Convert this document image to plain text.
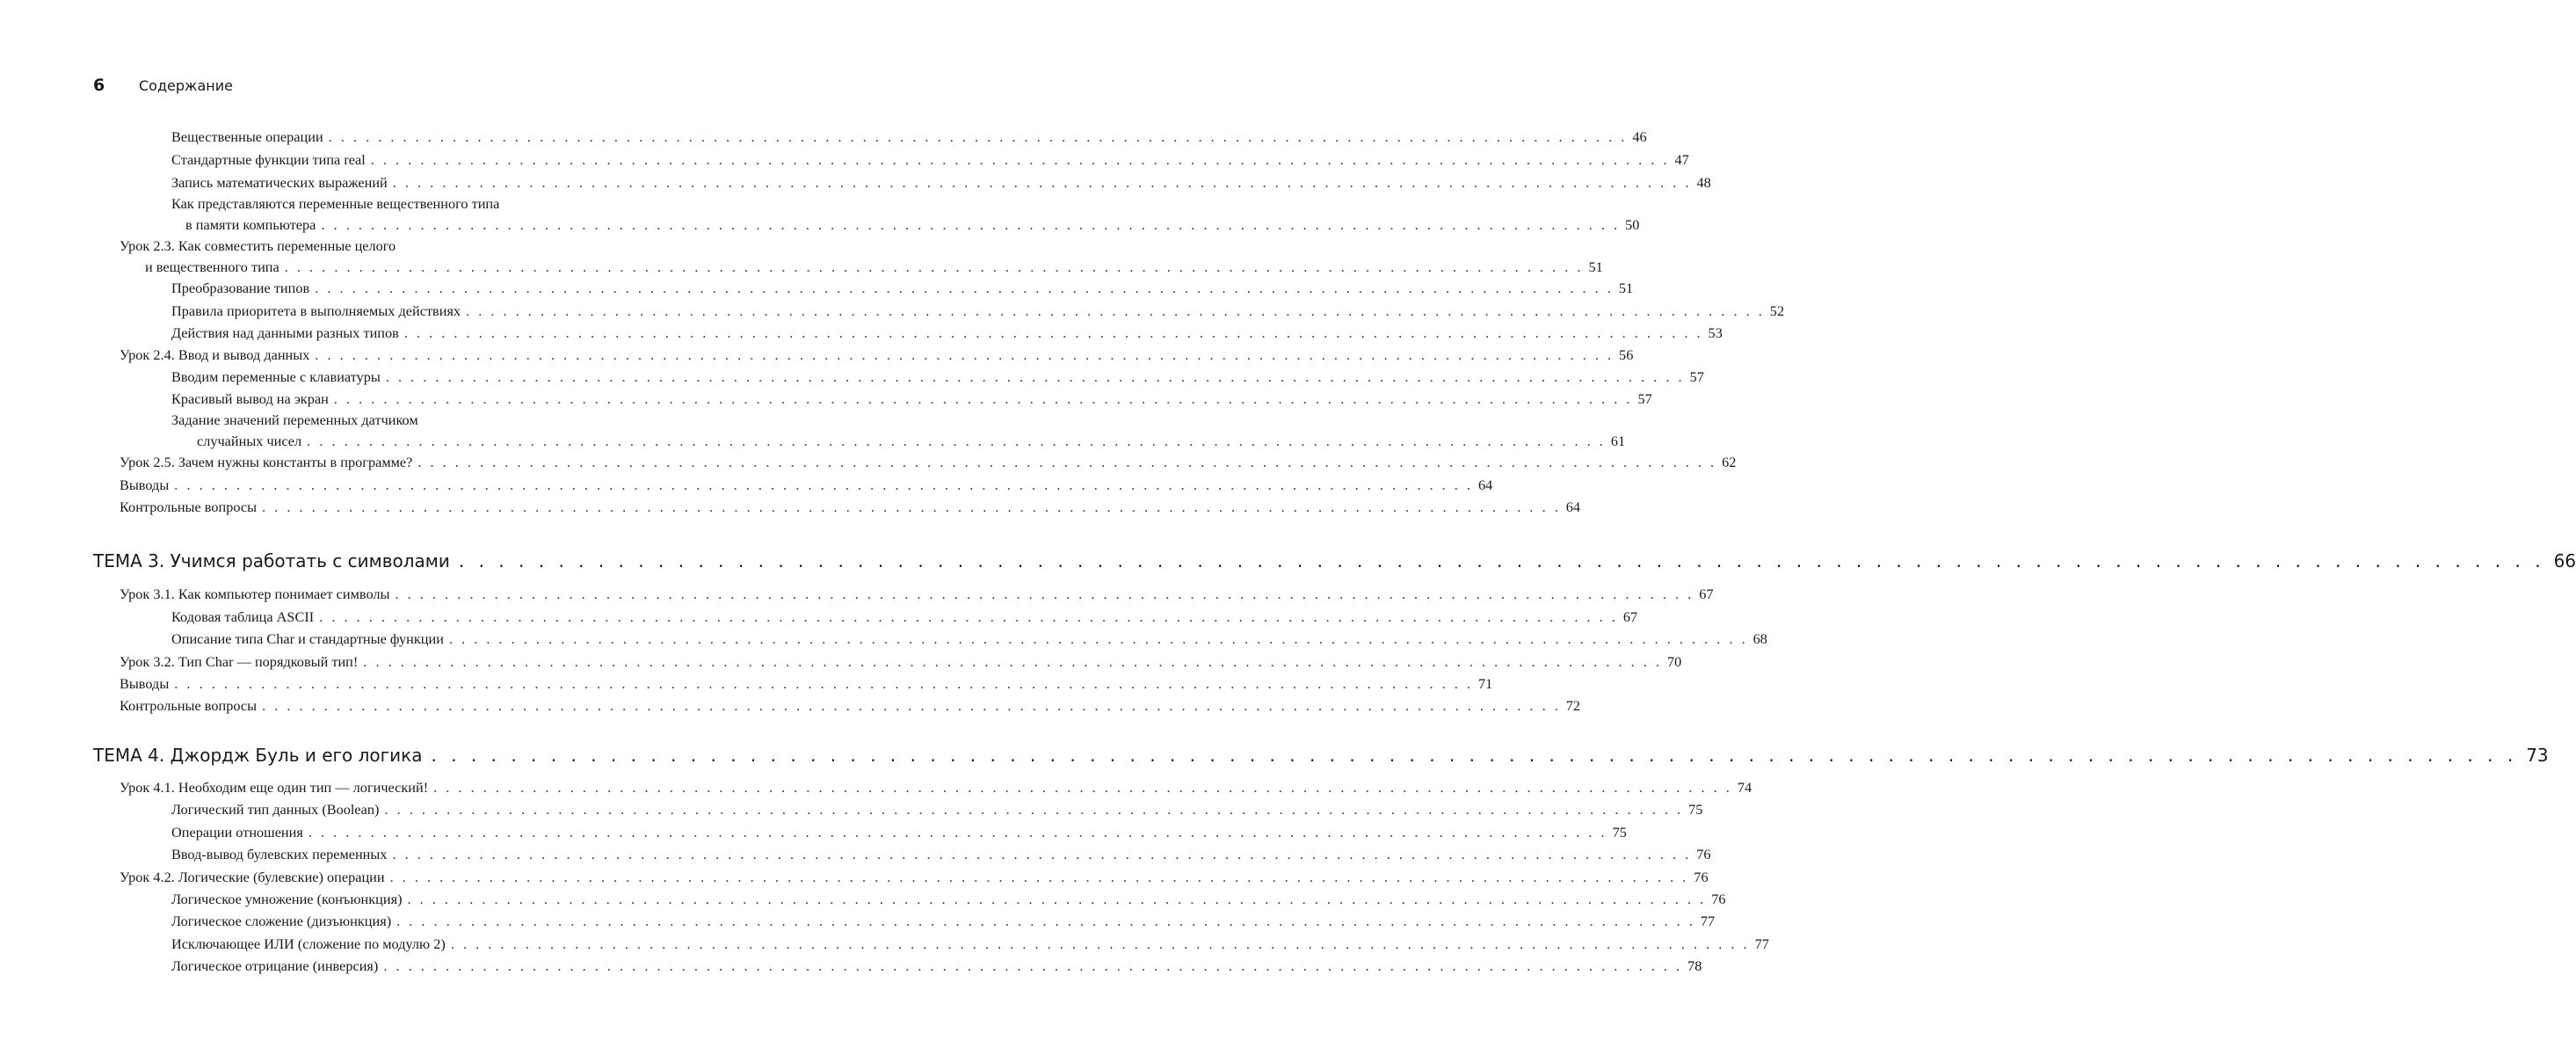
6	Содержание
Вещественные операции . . . . . . . . . . . . . . . . . . . . . . . . . . . . . . . . . . . . . . . . . . . . . . . . . . . . . . . . . . . . . . . . . . . . . . . . . . . . . . . . . . . . . . . . . . . . . . . . . . . . . . . . . 46
Стандартные функции типа real . . . . . . . . . . . . . . . . . . . . . . . . . . . . . . . . . . . . . . . . . . . . . . . . . . . . . . . . . . . . . . . . . . . . . . . . . . . . . . . . . . . . . . . . . . . . . . . . . . . . . . . . . 47
Запись математических выражений . . . . . . . . . . . . . . . . . . . . . . . . . . . . . . . . . . . . . . . . . . . . . . . . . . . . . . . . . . . . . . . . . . . . . . . . . . . . . . . . . . . . . . . . . . . . . . . . . . . . . . . . . 48
Как представляются переменные вещественного типа
в памяти компьютера . . . . . . . . . . . . . . . . . . . . . . . . . . . . . . . . . . . . . . . . . . . . . . . . . . . . . . . . . . . . . . . . . . . . . . . . . . . . . . . . . . . . . . . . . . . . . . . . . . . . . . . . . 50
Урок 2.3. Как совместить переменные целого
и вещественного типа . . . . . . . . . . . . . . . . . . . . . . . . . . . . . . . . . . . . . . . . . . . . . . . . . . . . . . . . . . . . . . . . . . . . . . . . . . . . . . . . . . . . . . . . . . . . . . . . . . . . . . . . . 51
Преобразование типов . . . . . . . . . . . . . . . . . . . . . . . . . . . . . . . . . . . . . . . . . . . . . . . . . . . . . . . . . . . . . . . . . . . . . . . . . . . . . . . . . . . . . . . . . . . . . . . . . . . . . . . . . 51
Правила приоритета в выполняемых действиях . . . . . . . . . . . . . . . . . . . . . . . . . . . . . . . . . . . . . . . . . . . . . . . . . . . . . . . . . . . . . . . . . . . . . . . . . . . . . . . . . . . . . . . . . . . . . . . . . . . . . . . . . 52
Действия над данными разных типов . . . . . . . . . . . . . . . . . . . . . . . . . . . . . . . . . . . . . . . . . . . . . . . . . . . . . . . . . . . . . . . . . . . . . . . . . . . . . . . . . . . . . . . . . . . . . . . . . . . . . . . . . 53
Урок 2.4. Ввод и вывод данных . . . . . . . . . . . . . . . . . . . . . . . . . . . . . . . . . . . . . . . . . . . . . . . . . . . . . . . . . . . . . . . . . . . . . . . . . . . . . . . . . . . . . . . . . . . . . . . . . . . . . . . . . 56
Вводим переменные с клавиатуры . . . . . . . . . . . . . . . . . . . . . . . . . . . . . . . . . . . . . . . . . . . . . . . . . . . . . . . . . . . . . . . . . . . . . . . . . . . . . . . . . . . . . . . . . . . . . . . . . . . . . . . . . 57
Красивый вывод на экран . . . . . . . . . . . . . . . . . . . . . . . . . . . . . . . . . . . . . . . . . . . . . . . . . . . . . . . . . . . . . . . . . . . . . . . . . . . . . . . . . . . . . . . . . . . . . . . . . . . . . . . . . 57
Задание значений переменных датчиком
случайных чисел . . . . . . . . . . . . . . . . . . . . . . . . . . . . . . . . . . . . . . . . . . . . . . . . . . . . . . . . . . . . . . . . . . . . . . . . . . . . . . . . . . . . . . . . . . . . . . . . . . . . . . . . . 61
Урок 2.5. Зачем нужны константы в программе? . . . . . . . . . . . . . . . . . . . . . . . . . . . . . . . . . . . . . . . . . . . . . . . . . . . . . . . . . . . . . . . . . . . . . . . . . . . . . . . . . . . . . . . . . . . . . . . . . . . . . . . . . 62
Выводы . . . . . . . . . . . . . . . . . . . . . . . . . . . . . . . . . . . . . . . . . . . . . . . . . . . . . . . . . . . . . . . . . . . . . . . . . . . . . . . . . . . . . . . . . . . . . . . . . . . . . . . . . 64
Контрольные вопросы . . . . . . . . . . . . . . . . . . . . . . . . . . . . . . . . . . . . . . . . . . . . . . . . . . . . . . . . . . . . . . . . . . . . . . . . . . . . . . . . . . . . . . . . . . . . . . . . . . . . . . . . . 64
ТЕМА 3. Учимся работать с символами . . . . . . . . . . . . . . . . . . . . . . . . . . . . . . . . . . . . . . . . . . . . . . . . . . . . . . . . . . . . . . . . . . . . . . . . . . . . . . . . . . . . . . . . . . . . . . . . . . . . . . . . . 66
Урок 3.1. Как компьютер понимает символы . . . . . . . . . . . . . . . . . . . . . . . . . . . . . . . . . . . . . . . . . . . . . . . . . . . . . . . . . . . . . . . . . . . . . . . . . . . . . . . . . . . . . . . . . . . . . . . . . . . . . . . . . 67
Кодовая таблица ASCII . . . . . . . . . . . . . . . . . . . . . . . . . . . . . . . . . . . . . . . . . . . . . . . . . . . . . . . . . . . . . . . . . . . . . . . . . . . . . . . . . . . . . . . . . . . . . . . . . . . . . . . . . 67
Описание типа Char и стандартные функции . . . . . . . . . . . . . . . . . . . . . . . . . . . . . . . . . . . . . . . . . . . . . . . . . . . . . . . . . . . . . . . . . . . . . . . . . . . . . . . . . . . . . . . . . . . . . . . . . . . . . . . . . 68
Урок 3.2. Тип Char — порядковый тип! . . . . . . . . . . . . . . . . . . . . . . . . . . . . . . . . . . . . . . . . . . . . . . . . . . . . . . . . . . . . . . . . . . . . . . . . . . . . . . . . . . . . . . . . . . . . . . . . . . . . . . . . . 70
Выводы . . . . . . . . . . . . . . . . . . . . . . . . . . . . . . . . . . . . . . . . . . . . . . . . . . . . . . . . . . . . . . . . . . . . . . . . . . . . . . . . . . . . . . . . . . . . . . . . . . . . . . . . . 71
Контрольные вопросы . . . . . . . . . . . . . . . . . . . . . . . . . . . . . . . . . . . . . . . . . . . . . . . . . . . . . . . . . . . . . . . . . . . . . . . . . . . . . . . . . . . . . . . . . . . . . . . . . . . . . . . . . 72
ТЕМА 4. Джордж Буль и его логика . . . . . . . . . . . . . . . . . . . . . . . . . . . . . . . . . . . . . . . . . . . . . . . . . . . . . . . . . . . . . . . . . . . . . . . . . . . . . . . . . . . . . . . . . . . . . . . . . . . . . . . . . 73
Урок 4.1. Необходим еще один тип — логический! . . . . . . . . . . . . . . . . . . . . . . . . . . . . . . . . . . . . . . . . . . . . . . . . . . . . . . . . . . . . . . . . . . . . . . . . . . . . . . . . . . . . . . . . . . . . . . . . . . . . . . . . . 74
Логический тип данных (Boolean) . . . . . . . . . . . . . . . . . . . . . . . . . . . . . . . . . . . . . . . . . . . . . . . . . . . . . . . . . . . . . . . . . . . . . . . . . . . . . . . . . . . . . . . . . . . . . . . . . . . . . . . . . 75
Операции отношения . . . . . . . . . . . . . . . . . . . . . . . . . . . . . . . . . . . . . . . . . . . . . . . . . . . . . . . . . . . . . . . . . . . . . . . . . . . . . . . . . . . . . . . . . . . . . . . . . . . . . . . . . 75
Ввод-вывод булевских переменных . . . . . . . . . . . . . . . . . . . . . . . . . . . . . . . . . . . . . . . . . . . . . . . . . . . . . . . . . . . . . . . . . . . . . . . . . . . . . . . . . . . . . . . . . . . . . . . . . . . . . . . . . 76
Урок 4.2. Логические (булевские) операции . . . . . . . . . . . . . . . . . . . . . . . . . . . . . . . . . . . . . . . . . . . . . . . . . . . . . . . . . . . . . . . . . . . . . . . . . . . . . . . . . . . . . . . . . . . . . . . . . . . . . . . . . 76
Логическое умножение (конъюнкция) . . . . . . . . . . . . . . . . . . . . . . . . . . . . . . . . . . . . . . . . . . . . . . . . . . . . . . . . . . . . . . . . . . . . . . . . . . . . . . . . . . . . . . . . . . . . . . . . . . . . . . . . . 76
Логическое сложение (дизъюнкция) . . . . . . . . . . . . . . . . . . . . . . . . . . . . . . . . . . . . . . . . . . . . . . . . . . . . . . . . . . . . . . . . . . . . . . . . . . . . . . . . . . . . . . . . . . . . . . . . . . . . . . . . . 77
Исключающее ИЛИ (сложение по модулю 2) . . . . . . . . . . . . . . . . . . . . . . . . . . . . . . . . . . . . . . . . . . . . . . . . . . . . . . . . . . . . . . . . . . . . . . . . . . . . . . . . . . . . . . . . . . . . . . . . . . . . . . . . . 77
Логическое отрицание (инверсия) . . . . . . . . . . . . . . . . . . . . . . . . . . . . . . . . . . . . . . . . . . . . . . . . . . . . . . . . . . . . . . . . . . . . . . . . . . . . . . . . . . . . . . . . . . . . . . . . . . . . . . . . . 78
